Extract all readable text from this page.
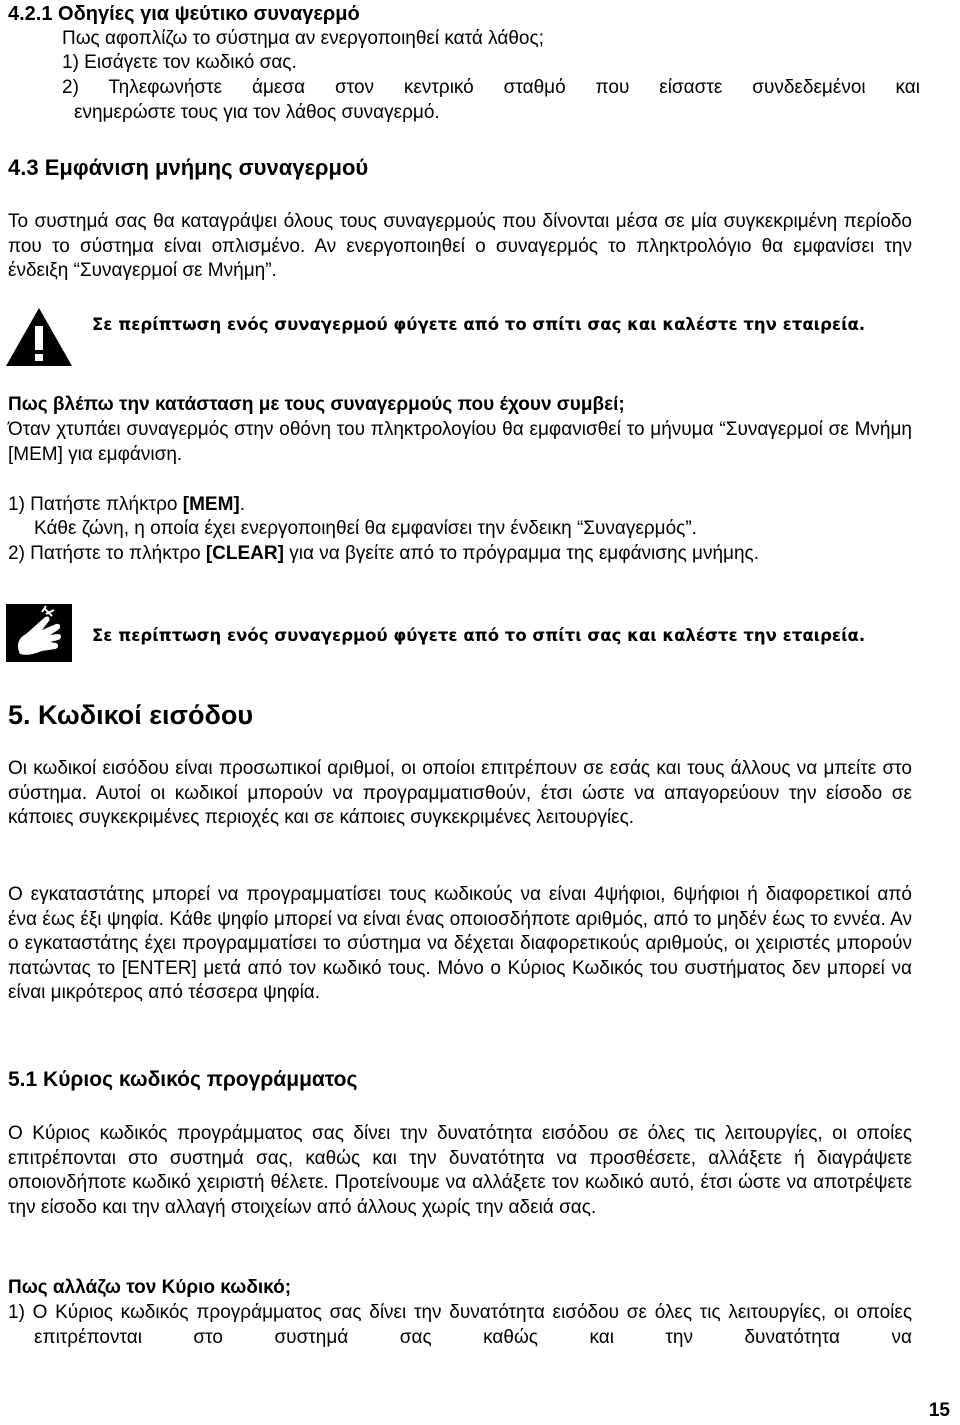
4.2.1 Οδηγίες για ψεύτικο συναγερμό
Πως αφοπλίζω το σύστημα αν ενεργοποιηθεί κατά λάθος;
1) Εισάγετε τον κωδικό σας.
2) Τηλεφωνήστε άμεσα στον κεντρικό σταθμό που είσαστε συνδεδεμένοι και
ενημερώστε τους για τον λάθος συναγερμό.
4.3 Εμφάνιση μνήμης συναγερμού
Το συστημά σας θα καταγράψει όλους τους συναγερμούς που δίνονται μέσα σε μία συγκεκριμένη περίοδο που το σύστημα είναι οπλισμένο. Αν ενεργοποιηθεί ο συναγερμός το πληκτρολόγιο θα εμφανίσει την ένδειξη “Συναγερμοί σε Μνήμη”.
Σε περίπτωση ενός συναγερμού φύγετε από το σπίτι σας και καλέστε την εταιρεία.
Πως βλέπω την κατάσταση με τους συναγερμούς που έχουν συμβεί;
Όταν χτυπάει συναγερμός στην οθόνη του πληκτρολογίου θα εμφανισθεί το μήνυμα “Συναγερμοί σε Μνήμη [MEM] για εμφάνιση.
1) Πατήστε πλήκτρο [MEM].
Κάθε ζώνη, η οποία έχει ενεργοποιηθεί θα εμφανίσει την ένδεικη “Συναγερμός”.
2) Πατήστε το πλήκτρο [CLEAR] για να βγείτε από το πρόγραμμα της εμφάνισης μνήμης.
Σε περίπτωση ενός συναγερμού φύγετε από το σπίτι σας και καλέστε την εταιρεία.
5. Κωδικοί εισόδου
Οι κωδικοί εισόδου είναι προσωπικοί αριθμοί, οι οποίοι επιτρέπουν σε εσάς και τους άλλους να μπείτε στο σύστημα. Αυτοί οι κωδικοί μπορούν να προγραμματισθούν, έτσι ώστε να απαγορεύουν την είσοδο σε κάποιες συγκεκριμένες περιοχές και σε κάποιες συγκεκριμένες λειτουργίες.
Ο εγκαταστάτης μπορεί να προγραμματίσει τους κωδικούς να είναι 4ψήφιοι, 6ψήφιοι ή διαφορετικοί από ένα έως έξι ψηφία. Κάθε ψηφίο μπορεί να είναι ένας οποιοσδήποτε αριθμός, από το μηδέν έως το εννέα. Αν ο εγκαταστάτης έχει προγραμματίσει το σύστημα να δέχεται διαφορετικούς αριθμούς, οι χειριστές μπορούν πατώντας το [ENTER] μετά από τον κωδικό τους. Μόνο ο Κύριος Κωδικός του συστήματος δεν μπορεί να είναι μικρότερος από τέσσερα ψηφία.
5.1 Κύριος κωδικός προγράμματος
Ο Κύριος κωδικός προγράμματος σας δίνει την δυνατότητα εισόδου σε όλες τις λειτουργίες, οι οποίες επιτρέπονται στο συστημά σας, καθώς και την δυνατότητα να προσθέσετε, αλλάξετε ή διαγράψετε οποιονδήποτε κωδικό χειριστή θέλετε. Προτείνουμε να αλλάξετε τον κωδικό αυτό, έτσι ώστε να αποτρέψετε την είσοδο και την αλλαγή στοιχείων από άλλους χωρίς την αδειά σας.
Πως αλλάζω τον Κύριο κωδικό;
1) Ο Κύριος κωδικός προγράμματος σας δίνει την δυνατότητα εισόδου σε όλες τις λειτουργίες, οι οποίες επιτρέπονται στο συστημά σας καθώς και την δυνατότητα να
15
